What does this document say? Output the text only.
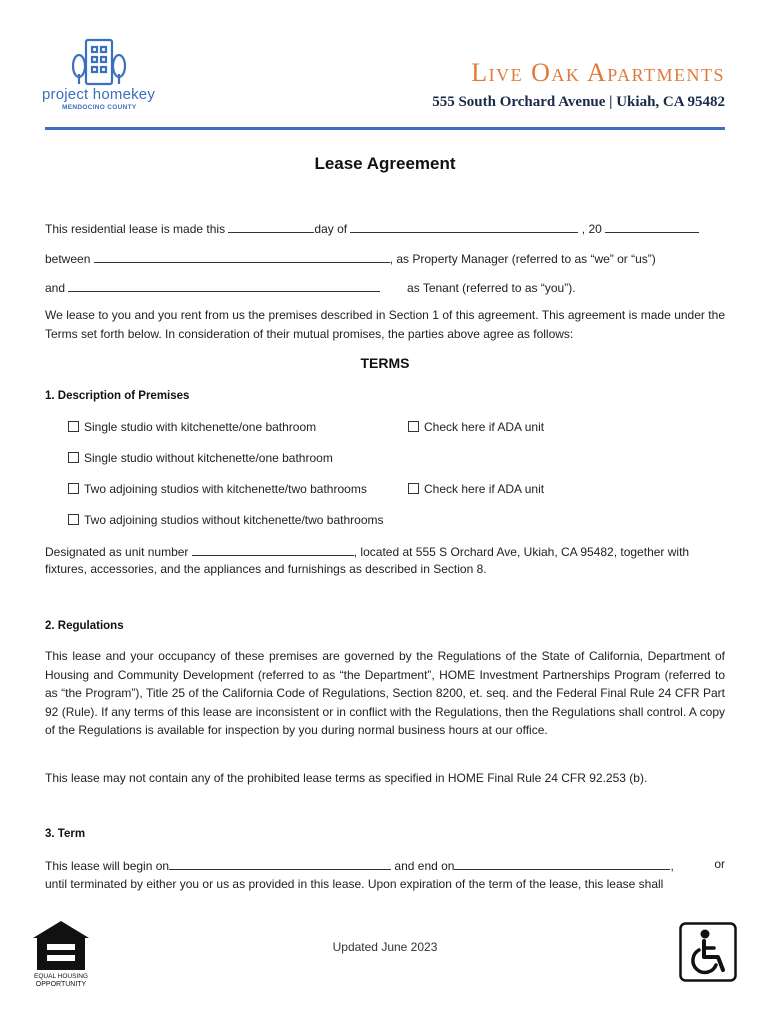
project homekey
MENDOCINO COUNTY
Live Oak Apartments
555 South Orchard Avenue | Ukiah, CA 95482
Lease Agreement
This residential lease is made this	day of	, 20
between	, as Property Manager (referred to as “we” or “us”)
and	as Tenant (referred to as “you”).
We lease to you and you rent from us the premises described in Section 1 of this agreement. This agreement is made under the Terms set forth below. In consideration of their mutual promises, the parties above agree as follows:
TERMS
1. Description of Premises
Single studio with kitchenette/one bathroom	Check here if ADA unit
Single studio without kitchenette/one bathroom
Two adjoining studios with kitchenette/two bathrooms	Check here if ADA unit
Two adjoining studios without kitchenette/two bathrooms
Designated as unit number	, located at 555 S Orchard Ave, Ukiah, CA 95482, together with
fixtures, accessories, and the appliances and furnishings as described in Section 8.
2. Regulations
This lease and your occupancy of these premises are governed by the Regulations of the State of California, Department of Housing and Community Development (referred to as “the Department”, HOME Investment Partnerships Program (referred to as “the Program”), Title 25 of the California Code of Regulations, Section 8200, et. seq. and the Federal Final Rule 24 CFR Part 92 (Rule). If any terms of this lease are inconsistent or in conflict with the Regulations, then the Regulations shall control. A copy of the Regulations is available for inspection by you during normal business hours at our office.
This lease may not contain any of the prohibited lease terms as specified in HOME Final Rule 24 CFR 92.253 (b).
3. Term
This lease will begin on	and end on	,	or
until terminated by either you or us as provided in this lease. Upon expiration of the term of the lease, this lease shall
EQUAL HOUSING
OPPORTUNITY
Updated June 2023
